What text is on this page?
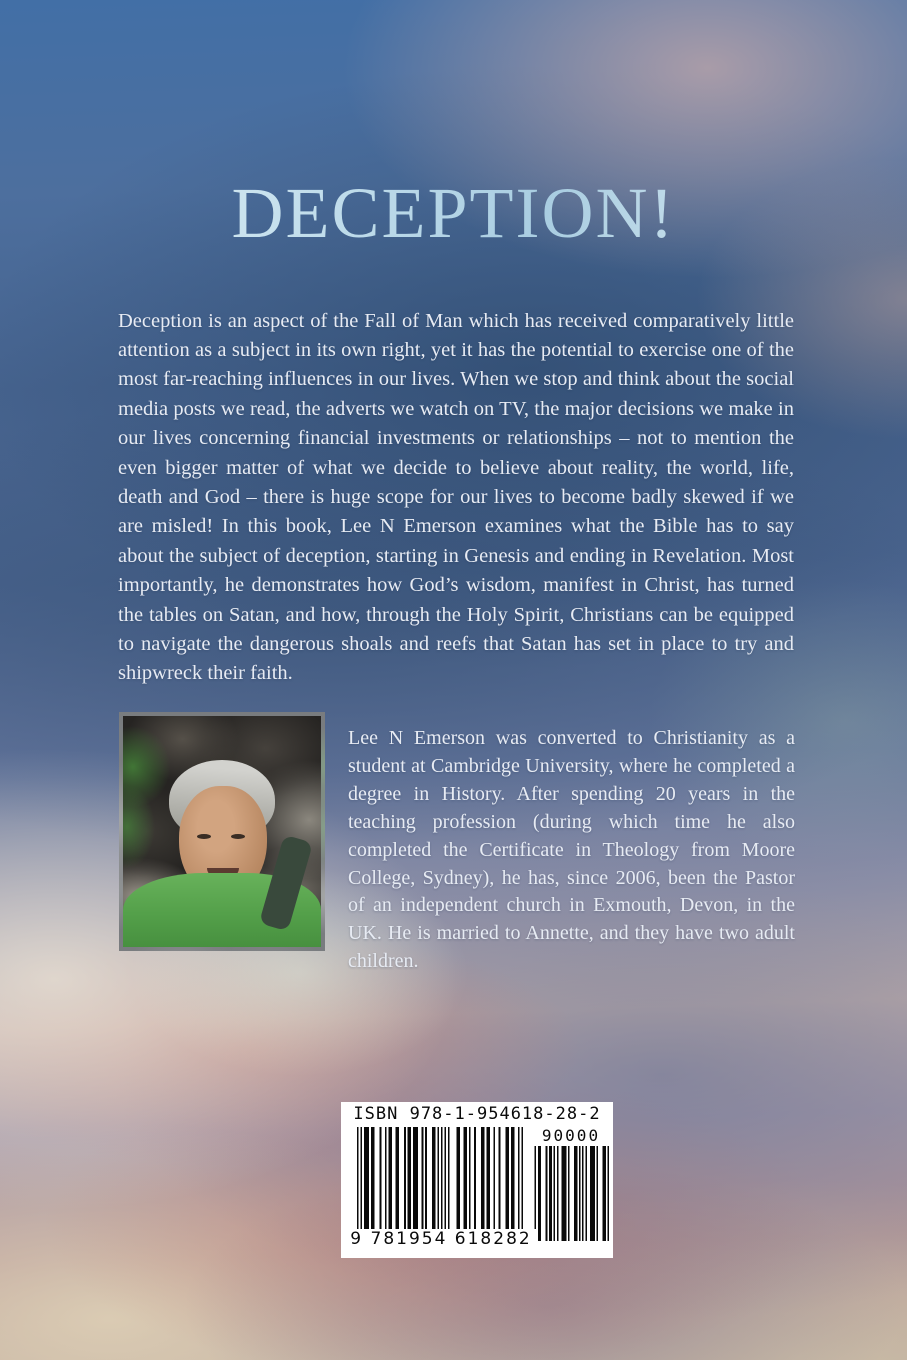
DECEPTION!

Deception is an aspect of the Fall of Man which has received comparatively little attention as a subject in its own right, yet it has the potential to exercise one of the most far-reaching influences in our lives. When we stop and think about the social media posts we read, the adverts we watch on TV, the major decisions we make in our lives concerning financial investments or relationships – not to mention the even bigger matter of what we decide to believe about reality, the world, life, death and God – there is huge scope for our lives to become badly skewed if we are misled! In this book, Lee N Emerson examines what the Bible has to say about the subject of deception, starting in Genesis and ending in Revelation. Most importantly, he demonstrates how God’s wisdom, manifest in Christ, has turned the tables on Satan, and how, through the Holy Spirit, Christians can be equipped to navigate the dangerous shoals and reefs that Satan has set in place to try and shipwreck their faith.

Lee N Emerson was converted to Christianity as a student at Cambridge University, where he completed a degree in History. After spending 20 years in the teaching profession (during which time he also completed the Certificate in Theology from Moore College, Sydney), he has, since 2006, been the Pastor of an independent church in Exmouth, Devon, in the UK. He is married to Annette, and they have two adult children.

ISBN 978-1-954618-28-2
90000
9 781954 618282
